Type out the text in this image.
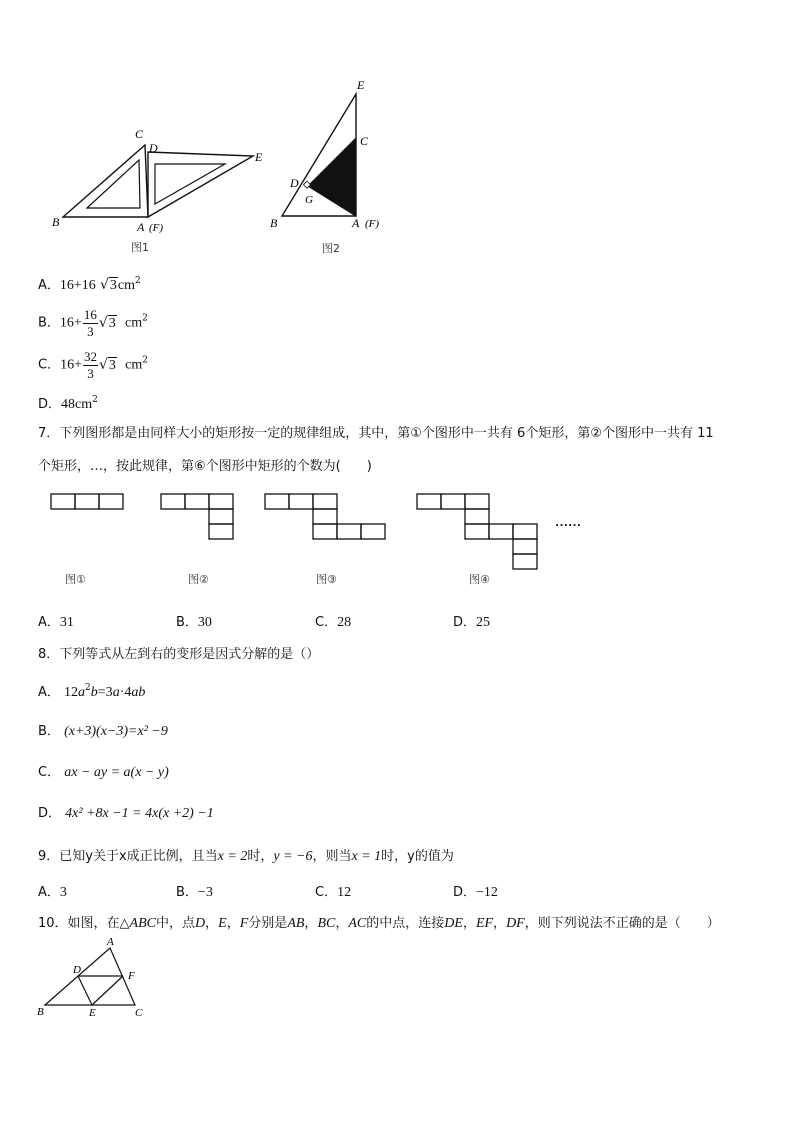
C
D
E
B	A (F)
图1
E
C
D
G
B	A (F)
图2
A．16+16 $√3cm^2$
B．$16+ \frac{16}{3} √3$ $cm^2$
C．$16+ \frac{32}{3} √3$ $cm^2$
D．$48cm^2$
7．下列图形都是由同样大小的矩形按一定的规律组成，其中，第①个图形中一共有 6个矩形，第②个图形中一共有 11
个矩形，…，按此规律，第⑥个图形中矩形的个数为(　　)
……
图①	图②	图③	图④
A．31	B．30	C．28	D．25
8．下列等式从左到右的变形是因式分解的是（）
A． $12a^2b=3a\cdot 4ab$
B． (x+3)(x−3)=x² −9
C． ax − ay = a(x − y)
D． 4x² +8x −1 = 4x(x +2) −1
9．已知y关于x成正比例，且当x = 2时，y = −6，则当x = 1时，y的值为
A．3	B．−3	C．12	D．−12
10．如图，在△ABC中，点D，E，F分别是AB，BC，AC的中点，连接DE，EF，DF，则下列说法不正确的是（　　）
A
D	F
B	E	C
